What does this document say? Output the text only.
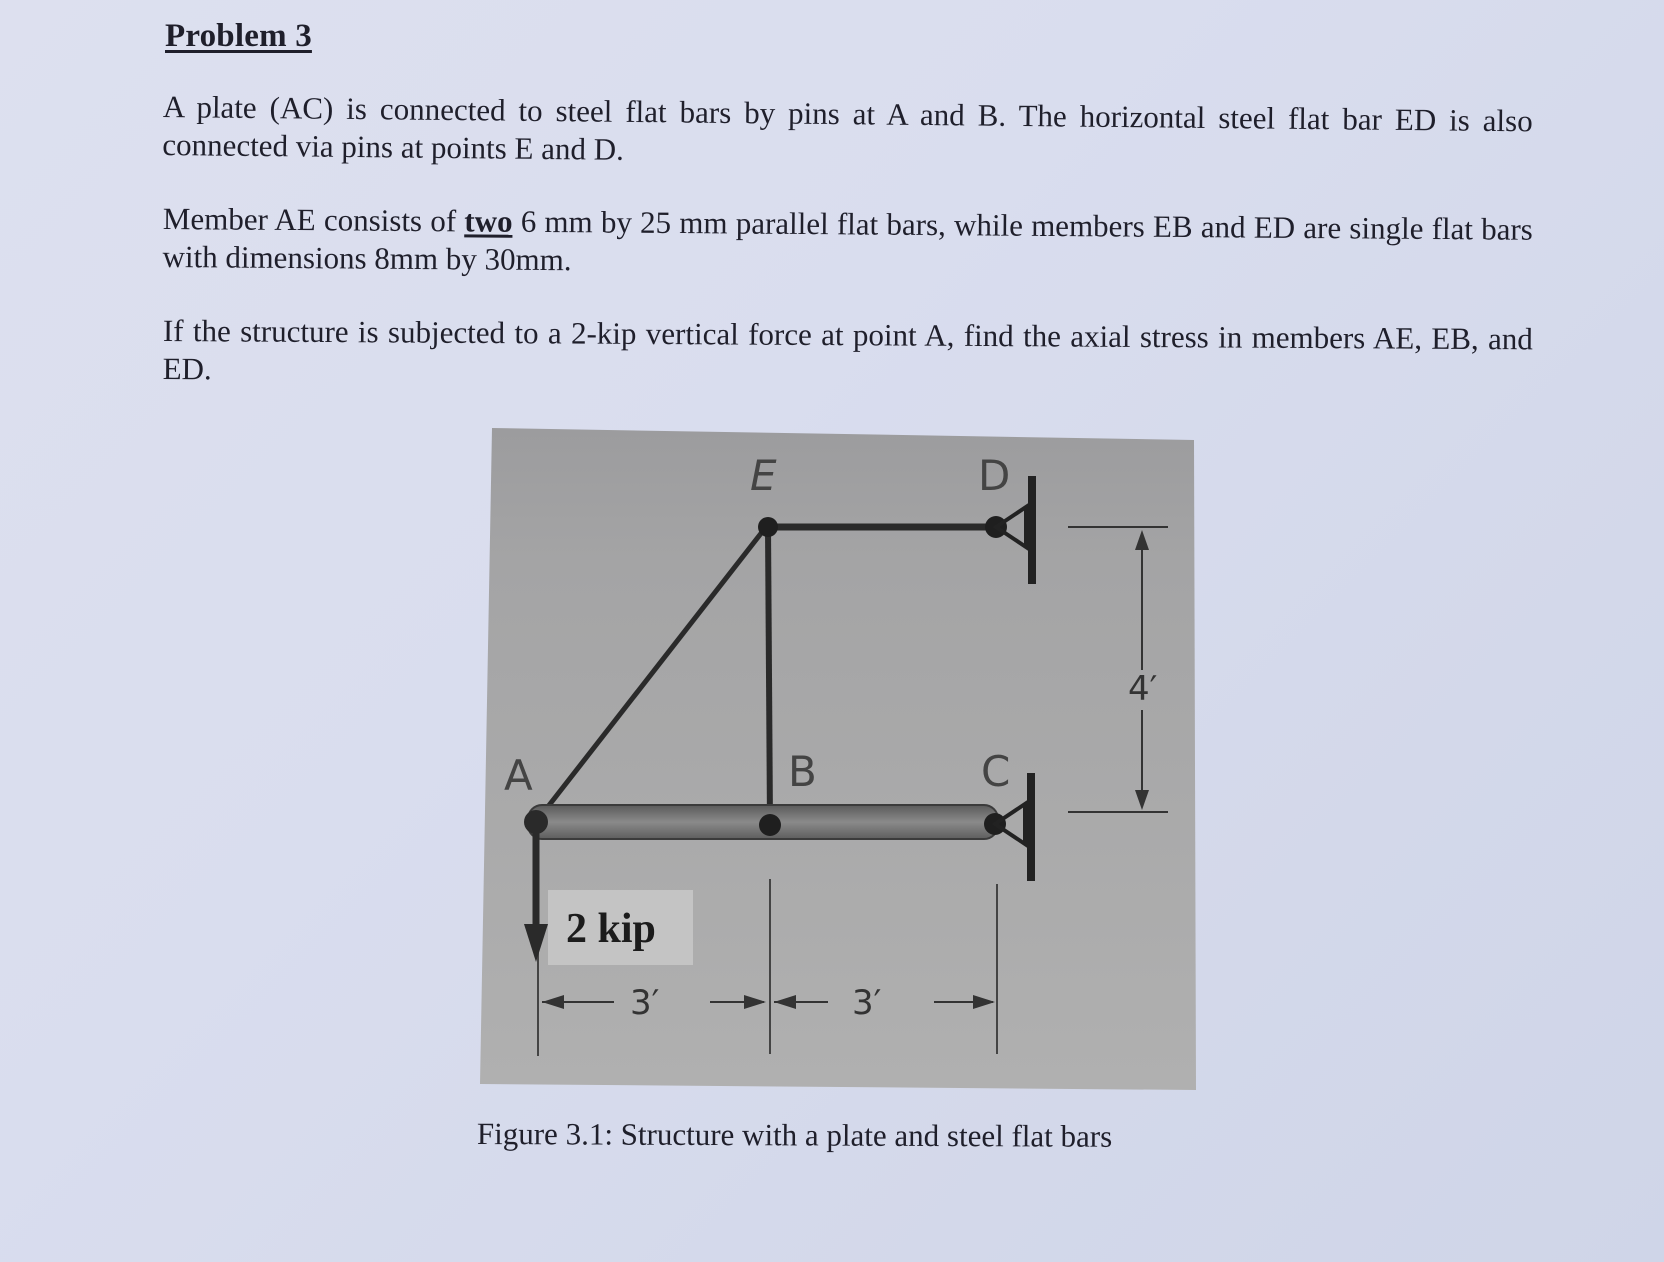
Problem 3
A plate (AC) is connected to steel flat bars by pins at A and B. The horizontal steel flat bar ED is also connected via pins at points E and D.
Member AE consists of two 6 mm by 25 mm parallel flat bars, while members EB and ED are single flat bars with dimensions 8mm by 30mm.
If the structure is subjected to a 2-kip vertical force at point A, find the axial stress in members AE, EB, and ED.
4′
2 kip
3′	3′
E	D
A	B	C
Figure 3.1: Structure with a plate and steel flat bars
